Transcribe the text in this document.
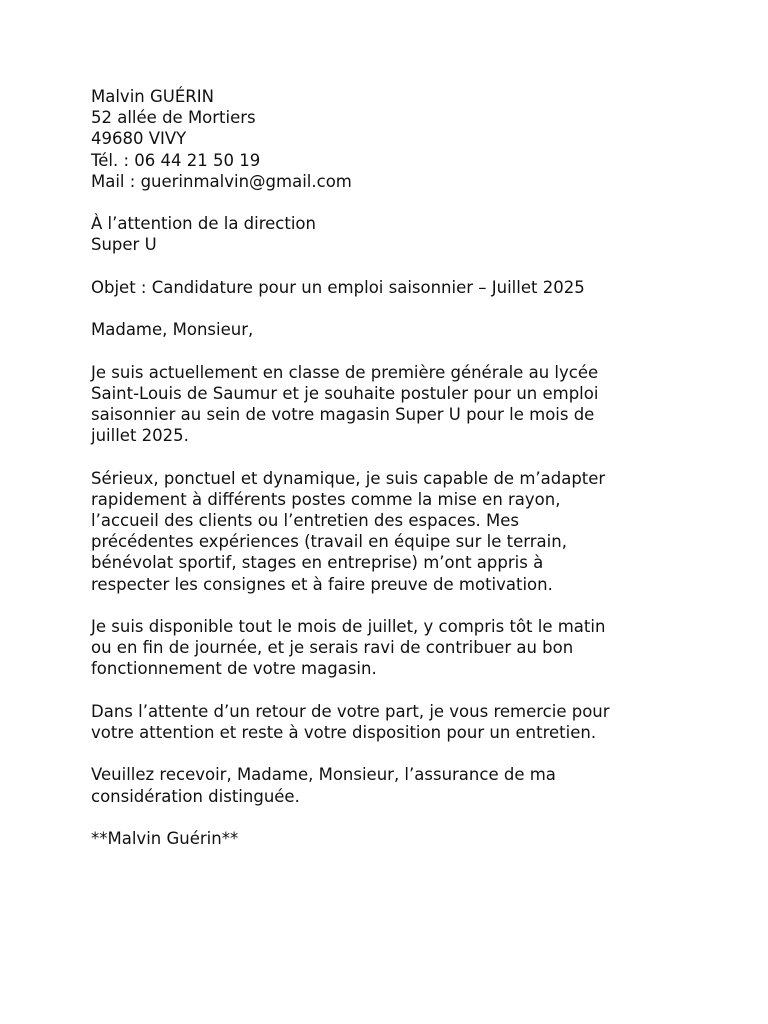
Malvin GUÉRIN
52 allée de Mortiers
49680 VIVY
Tél. : 06 44 21 50 19
Mail : guerinmalvin@gmail.com
À l’attention de la direction
Super U
Objet : Candidature pour un emploi saisonnier – Juillet 2025
Madame, Monsieur,
Je suis actuellement en classe de première générale au lycée
Saint-Louis de Saumur et je souhaite postuler pour un emploi
saisonnier au sein de votre magasin Super U pour le mois de
juillet 2025.
Sérieux, ponctuel et dynamique, je suis capable de m’adapter
rapidement à différents postes comme la mise en rayon,
l’accueil des clients ou l’entretien des espaces. Mes
précédentes expériences (travail en équipe sur le terrain,
bénévolat sportif, stages en entreprise) m’ont appris à
respecter les consignes et à faire preuve de motivation.
Je suis disponible tout le mois de juillet, y compris tôt le matin
ou en fin de journée, et je serais ravi de contribuer au bon
fonctionnement de votre magasin.
Dans l’attente d’un retour de votre part, je vous remercie pour
votre attention et reste à votre disposition pour un entretien.
Veuillez recevoir, Madame, Monsieur, l’assurance de ma
considération distinguée.
**Malvin Guérin**
